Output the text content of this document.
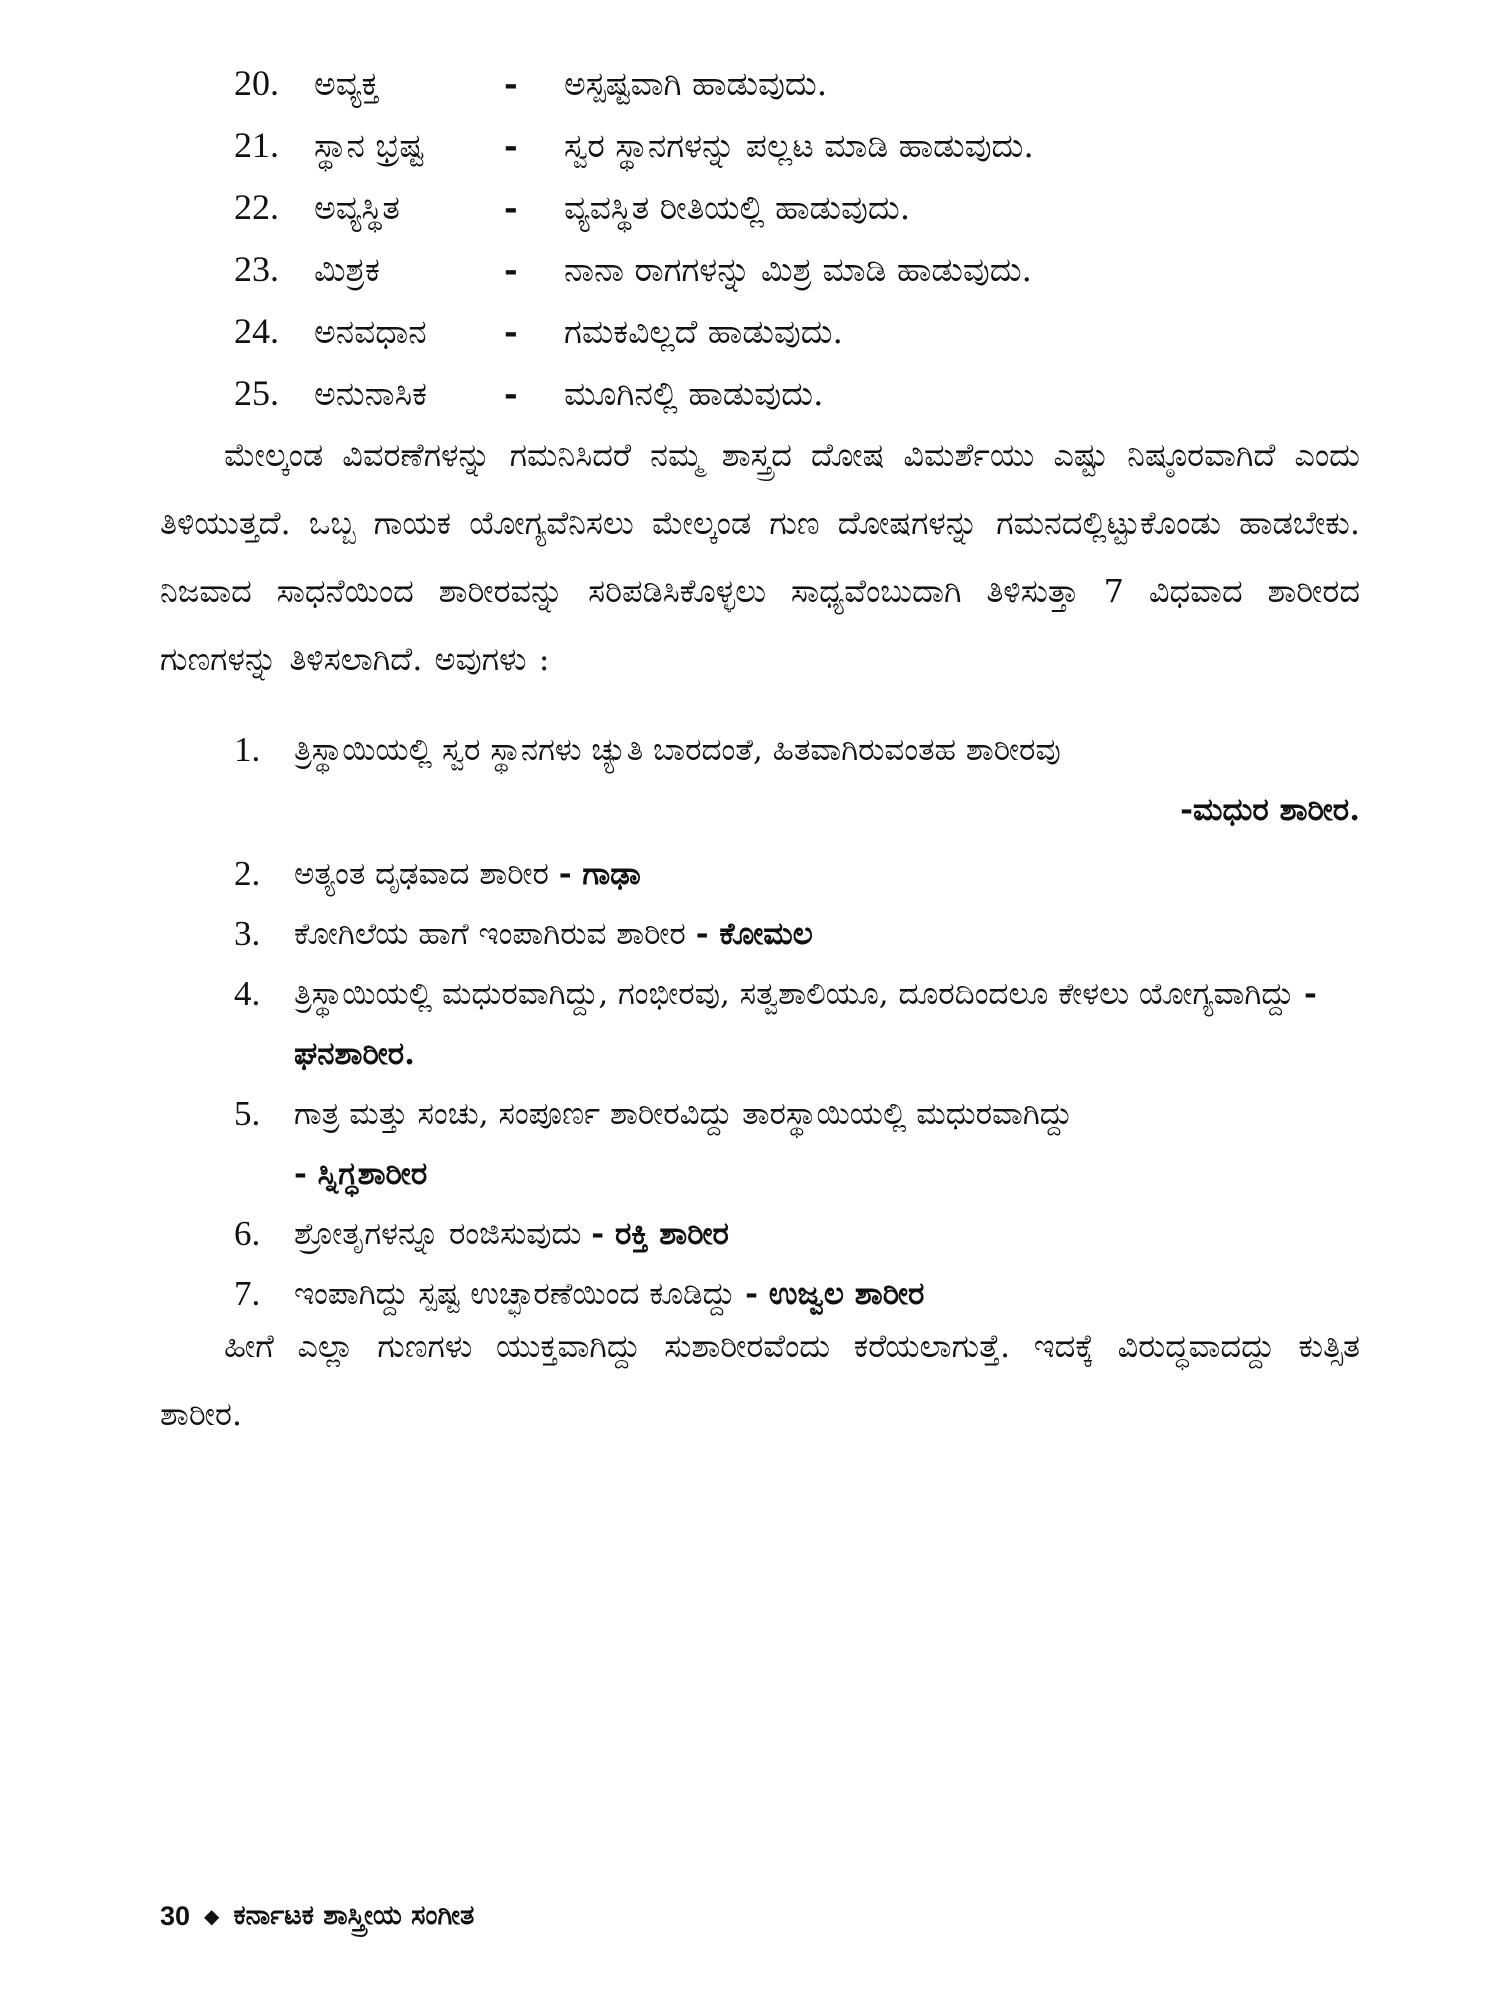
20.	ಅವ್ಯಕ್ತ	-	ಅಸ್ಪಷ್ಟವಾಗಿ ಹಾಡುವುದು.
21.	ಸ್ಥಾನ ಭ್ರಷ್ಟ	-	ಸ್ವರ ಸ್ಥಾನಗಳನ್ನು ಪಲ್ಲಟ ಮಾಡಿ ಹಾಡುವುದು.
22.	ಅವ್ಯಸ್ಥಿತ	-	ವ್ಯವಸ್ಥಿತ ರೀತಿಯಲ್ಲಿ ಹಾಡುವುದು.
23.	ಮಿಶ್ರಕ	-	ನಾನಾ ರಾಗಗಳನ್ನು ಮಿಶ್ರ ಮಾಡಿ ಹಾಡುವುದು.
24.	ಅನವಧಾನ	-	ಗಮಕವಿಲ್ಲದೆ ಹಾಡುವುದು.
25.	ಅನುನಾಸಿಕ	-	ಮೂಗಿನಲ್ಲಿ ಹಾಡುವುದು.
ಮೇಲ್ಕಂಡ ವಿವರಣೆಗಳನ್ನು ಗಮನಿಸಿದರೆ ನಮ್ಮ ಶಾಸ್ತ್ರದ ದೋಷ ವಿಮರ್ಶೆಯು ಎಷ್ಟು ನಿಷ್ಠೂರವಾಗಿದೆ ಎಂದು ತಿಳಿಯುತ್ತದೆ. ಒಬ್ಬ ಗಾಯಕ ಯೋಗ್ಯವೆನಿಸಲು ಮೇಲ್ಕಂಡ ಗುಣ ದೋಷಗಳನ್ನು ಗಮನದಲ್ಲಿಟ್ಟುಕೊಂಡು ಹಾಡಬೇಕು. ನಿಜವಾದ ಸಾಧನೆಯಿಂದ ಶಾರೀರವನ್ನು ಸರಿಪಡಿಸಿಕೊಳ್ಳಲು ಸಾಧ್ಯವೆಂಬುದಾಗಿ ತಿಳಿಸುತ್ತಾ 7 ವಿಧವಾದ ಶಾರೀರದ ಗುಣಗಳನ್ನು ತಿಳಿಸಲಾಗಿದೆ. ಅವುಗಳು :
1.	ತ್ರಿಸ್ಥಾಯಿಯಲ್ಲಿ ಸ್ವರ ಸ್ಥಾನಗಳು ಚ್ಯುತಿ ಬಾರದಂತೆ, ಹಿತವಾಗಿರುವಂತಹ ಶಾರೀರವು
-ಮಧುರ ಶಾರೀರ.
2.	ಅತ್ಯಂತ ದೃಢವಾದ ಶಾರೀರ - ಗಾಢಾ
3.	ಕೋಗಿಲೆಯ ಹಾಗೆ ಇಂಪಾಗಿರುವ ಶಾರೀರ - ಕೋಮಲ
4.	ತ್ರಿಸ್ಥಾಯಿಯಲ್ಲಿ ಮಧುರವಾಗಿದ್ದು, ಗಂಭೀರವು, ಸತ್ವಶಾಲಿಯೂ, ದೂರದಿಂದಲೂ ಕೇಳಲು ಯೋಗ್ಯವಾಗಿದ್ದು - ಘನಶಾರೀರ.
5.	ಗಾತ್ರ ಮತ್ತು ಸಂಚು, ಸಂಪೂರ್ಣ ಶಾರೀರವಿದ್ದು ತಾರಸ್ಥಾಯಿಯಲ್ಲಿ ಮಧುರವಾಗಿದ್ದು
- ಸ್ನಿಗ್ಧಶಾರೀರ
6.	ಶ್ರೋತೃಗಳನ್ನೂ ರಂಜಿಸುವುದು - ರಕ್ತಿ ಶಾರೀರ
7.	ಇಂಪಾಗಿದ್ದು ಸ್ಪಷ್ಟ ಉಚ್ಛಾರಣೆಯಿಂದ ಕೂಡಿದ್ದು - ಉಜ್ವಲ ಶಾರೀರ
ಹೀಗೆ ಎಲ್ಲಾ ಗುಣಗಳು ಯುಕ್ತವಾಗಿದ್ದು ಸುಶಾರೀರವೆಂದು ಕರೆಯಲಾಗುತ್ತೆ. ಇದಕ್ಕೆ ವಿರುದ್ಧವಾದದ್ದು ಕುತ್ಸಿತ ಶಾರೀರ.
30 ◆ ಕರ್ನಾಟಕ ಶಾಸ್ತ್ರೀಯ ಸಂಗೀತ
